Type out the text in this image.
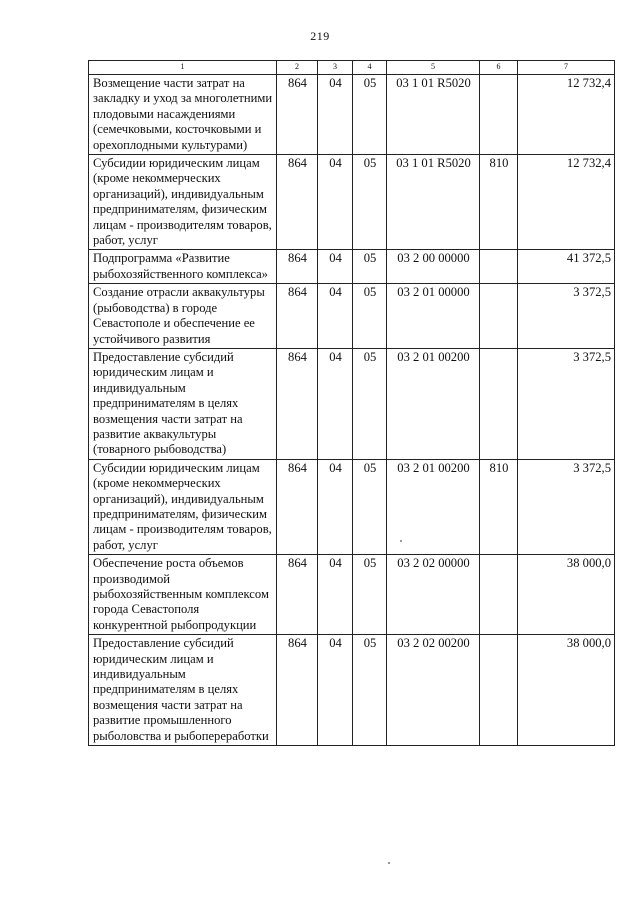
219
1	2	3	4	5	6	7
Возмещение части затрат на закладку и уход за многолетними плодовыми насаждениями (семечковыми, косточковыми и орехоплодными культурами)	864	04	05	03 1 01 R5020		12 732,4
Субсидии юридическим лицам (кроме некоммерческих организаций), индивидуальным предпринимателям, физическим лицам - производителям товаров, работ, услуг	864	04	05	03 1 01 R5020	810	12 732,4
Подпрограмма «Развитие рыбохозяйственного комплекса»	864	04	05	03 2 00 00000		41 372,5
Создание отрасли аквакультуры (рыбоводства) в городе Севастополе и обеспечение ее устойчивого развития	864	04	05	03 2 01 00000		3 372,5
Предоставление субсидий юридическим лицам и индивидуальным предпринимателям в целях возмещения части затрат на развитие аквакультуры (товарного рыбоводства)	864	04	05	03 2 01 00200		3 372,5
Субсидии юридическим лицам (кроме некоммерческих организаций), индивидуальным предпринимателям, физическим лицам - производителям товаров, работ, услуг	864	04	05	03 2 01 00200	810	3 372,5
Обеспечение роста объемов производимой рыбохозяйственным комплексом города Севастополя конкурентной рыбопродукции	864	04	05	03 2 02 00000		38 000,0
Предоставление субсидий юридическим лицам и индивидуальным предпринимателям в целях возмещения части затрат на развитие промышленного рыболовства и рыбопереработки	864	04	05	03 2 02 00200		38 000,0
